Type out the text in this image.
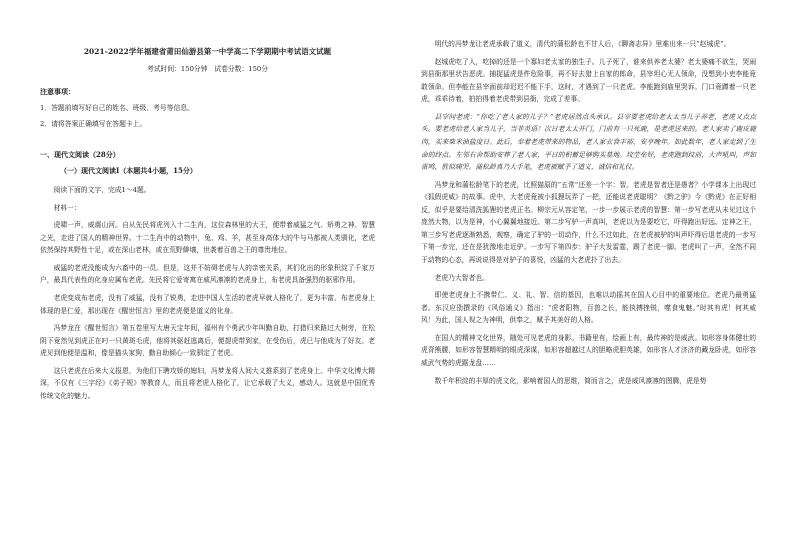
2021-2022学年福建省莆田仙游县第一中学高二下学期期中考试语文试题
考试时间：150分钟　试卷分数：150分
注意事项：
1．答题前填写好自己的姓名、班级、考号等信息。
2．请将答案正确填写在答题卡上。
一、现代文阅读（28分）
（一）现代文阅读Ⅰ（本题共4小题，15分）

阅读下面的文字，完成1～4题。

材料一：

虎啸一声，威震山河。自从先民将虎列入十二生肖，这位森林里的大王，便带着威猛之气、矫勇之神、智慧之光，走进了国人的精神世界。十二生肖中的动物中，兔、鸡、羊，甚至身高体大的牛与马都被人类驯化，老虎依然保持其野性十足，或在深山老林，或在荒野僻壤，世袭着百兽之王的尊贵地位。

威猛的老虎没能成为六畜中的一员。但是，这并不妨碍老虎与人的亲密关系，其们化出的形象积淀了千家万户，最具代表性的化身应属布老虎。先民将它爱寄寓在威风凛凛的老虎身上，布老虎具备强烈的驱邪作用。

老虎变成布老虎，没有了威猛，没有了锐勇，走进中国人生活的老虎早就人格化了，更为丰富，布老虎身上体现的是仁爱，那出现在《醒世恒言》里的老虎便是道义的化身。

冯梦龙在《醒世恒言》第五卷里写大唐天宝年间，福州有个勇武少年叫勤自助，打猎归来路过大树旁，在松阴下竟然见到虎正在叼一只黄斑毛虎，他将其驱赶逃离后，便提虎带到家，在受伤后，虎已与他成为了好友。老虎见到他便是温和，像是猫头家狗，勤自助倾心一致驯定了老虎。

这只老虎在后来大义报恩，为他们下聘攻娇的媳妇，冯梦龙将人间大义推系到了老虎身上。中华文化博大精深，不仅有《三字经》《弟子规》等教育人，而且将老虎人格化了，让它承载了大义，感动人。这就是中国优秀传统文化的魅力。

明代的冯梦龙让老虎承载了道义，清代的蒲松龄也不甘人后，《聊斋志异》里难出来一只“赵城虎”。

赵城虎吃了人，吃掉的还是一个寡妇老太家的独生子。儿子死了，谁来供养老太婆？老太婆痛不欲生，哭闹到县衙那里状告恶虎。捕捉猛虎是件危险事，再不好去猎上自家的郎命，县宰坦心无人领命，没想到小吏李能竟敢领命。但李能在县宰面前却迟迟不能下手，这时，才遇到了一只老虎。李能跑到庙里哭诉。门口竟蹲着一只老虎，乖乖待着，拍拍得着老虎带到县衙，完成了差事。

县宰问老虎：“你吃了老人家的儿子？”老虎居然点头承认。县宰要老虎给老太太当儿子养老，老虎又点点头。要老虎给老人家当儿子，当非英语！次日老太太开门，门前有一只死鹿，是老虎送来的。老人家卖了鹿皮鹿肉，买来柴米油盐度日。此后，奉着老虎带来的物品，老人家衣食丰裕，安享晚年。如此数年，老人家走到了生命的终点。左邻右舍帮助安葬了老人家，平日的积蓄足够购买墓地。坟茔垒好，老虎跑到坟前，大声吼叫，声如雷鸣，胜似痛哭。蒲松龄真乃大手笔，老虎被赋予了道义、诚信和礼仪。

冯梦龙和蒲松龄笔下的老虎，比照猫原的“五常”还差一个字：智。老虎是智者还是愚者？小学课本上出现过《狐假虎威》的故事。虎中，大老虎竟被小狐狸玩弄了一把，还能说老虎聪明？《黔之驴》今《黔虎》在正好相反，似乎是要给清洗狐狸的老虎正名。柳宗元从容定笔，一步一步展示老虎的智慧：第一步写老虎从未见过这个庞然大物，以为是神，小心翼翼地接近。第二步写驴一声高叫，老虎以为是要吃它，吓得跑出好远。定神之王，第三步写老虎逐渐熟悉，观察，确定了驴的一切动作，什么不过如此，在老虎被驴的叫声吓得后退老虎的一步写下第一步完，还在是犹豫地走近驴。一步写下第四步：驴子大发雷霆，踢了老虎一脚。老虎叫了一声，全然不同于动物的心态，再说说得是对驴子的喜悦，凶猛的大老虎扑了出去。

老虎乃大智者也。

即使老虎身上不携带仁、义、礼、智、信的基因，也难以动摇其在国人心目中的重要地位。老虎乃最勇猛者。东汉应劭撰录的《风俗通义》指出：“虎者阳物，百兽之长，能执搏挫锐，噬食鬼魅。”时其有虎！何其威风！为此，国人视之为神明，供奉之，赋予其美好的人格。

在国人的精神文化世界，随处可见老虎的身影。书籍里有，绘画上有，最传神的是威武。如形容身体健壮的虎背熊腰，如形容智慧精明的眼虎深谋，如形容超越过人的胆略虎胆英雄，如形容人才济济的藏龙卧虎，如形容威武气势的虎踞龙盘……

数千年积淀的丰厚的虎文化，影响着国人的思维，简而言之，虎是威风凛凛的图腾，虎是势
